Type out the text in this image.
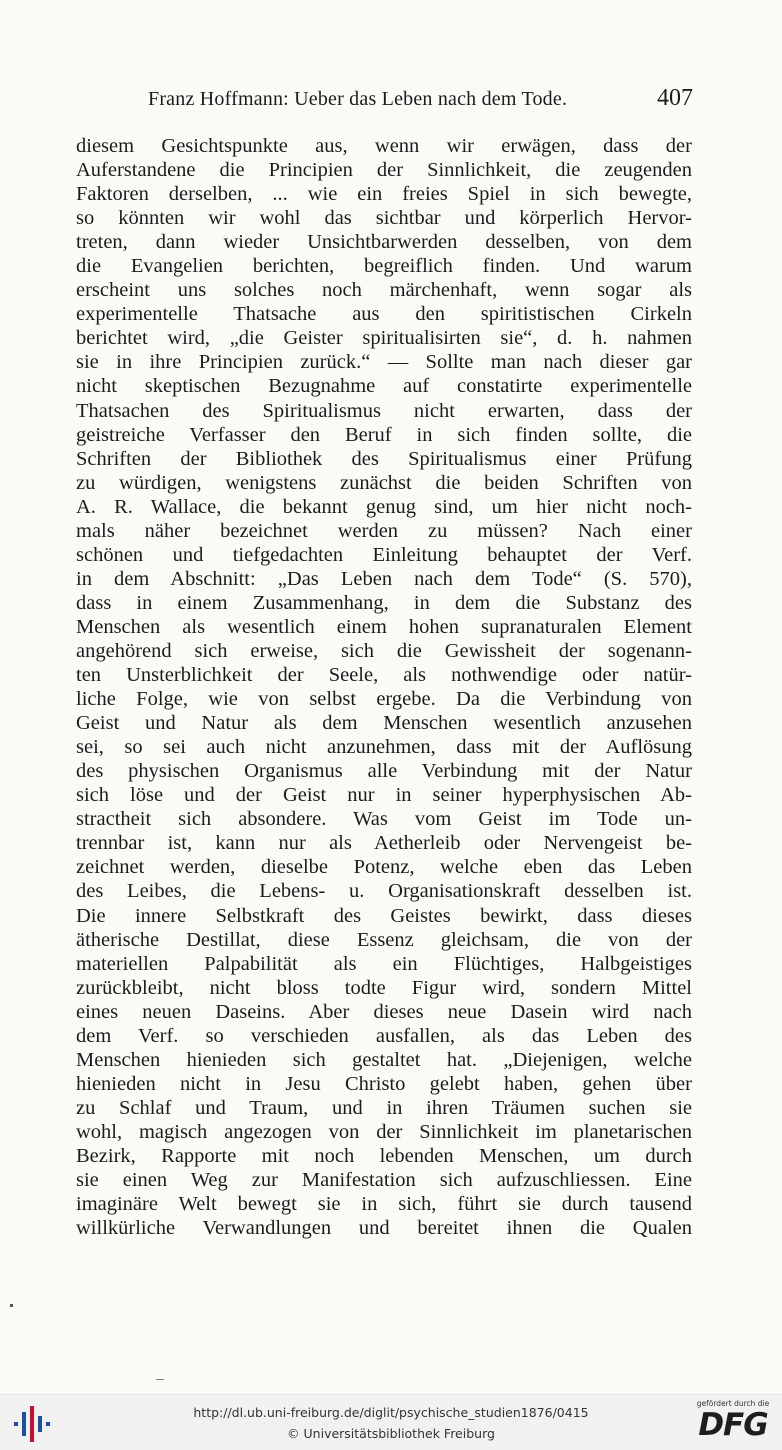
Franz Hoffmann: Ueber das Leben nach dem Tode.	407
diesem Gesichtspunkte aus, wenn wir erwägen, dass der
Auferstandene die Principien der Sinnlichkeit, die zeugenden
Faktoren derselben, ... wie ein freies Spiel in sich bewegte,
so könnten wir wohl das sichtbar und körperlich Hervor-
treten, dann wieder Unsichtbarwerden desselben, von dem
die Evangelien berichten, begreiflich finden. Und warum
erscheint uns solches noch märchenhaft, wenn sogar als
experimentelle Thatsache aus den spiritistischen Cirkeln
berichtet wird, „die Geister spiritualisirten sie“, d. h. nahmen
sie in ihre Principien zurück.“ — Sollte man nach dieser gar
nicht skeptischen Bezugnahme auf constatirte experimentelle
Thatsachen des Spiritualismus nicht erwarten, dass der
geistreiche Verfasser den Beruf in sich finden sollte, die
Schriften der Bibliothek des Spiritualismus einer Prüfung
zu würdigen, wenigstens zunächst die beiden Schriften von
A. R. Wallace, die bekannt genug sind, um hier nicht noch-
mals näher bezeichnet werden zu müssen? Nach einer
schönen und tiefgedachten Einleitung behauptet der Verf.
in dem Abschnitt: „Das Leben nach dem Tode“ (S. 570),
dass in einem Zusammenhang, in dem die Substanz des
Menschen als wesentlich einem hohen supranaturalen Element
angehörend sich erweise, sich die Gewissheit der sogenann-
ten Unsterblichkeit der Seele, als nothwendige oder natür-
liche Folge, wie von selbst ergebe. Da die Verbindung von
Geist und Natur als dem Menschen wesentlich anzusehen
sei, so sei auch nicht anzunehmen, dass mit der Auflösung
des physischen Organismus alle Verbindung mit der Natur
sich löse und der Geist nur in seiner hyperphysischen Ab-
stractheit sich absondere. Was vom Geist im Tode un-
trennbar ist, kann nur als Aetherleib oder Nervengeist be-
zeichnet werden, dieselbe Potenz, welche eben das Leben
des Leibes, die Lebens- u. Organisationskraft desselben ist.
Die innere Selbstkraft des Geistes bewirkt, dass dieses
ätherische Destillat, diese Essenz gleichsam, die von der
materiellen Palpabilität als ein Flüchtiges, Halbgeistiges
zurückbleibt, nicht bloss todte Figur wird, sondern Mittel
eines neuen Daseins. Aber dieses neue Dasein wird nach
dem Verf. so verschieden ausfallen, als das Leben des
Menschen hienieden sich gestaltet hat. „Diejenigen, welche
hienieden nicht in Jesu Christo gelebt haben, gehen über
zu Schlaf und Traum, und in ihren Träumen suchen sie
wohl, magisch angezogen von der Sinnlichkeit im planetarischen
Bezirk, Rapporte mit noch lebenden Menschen, um durch
sie einen Weg zur Manifestation sich aufzuschliessen. Eine
imaginäre Welt bewegt sie in sich, führt sie durch tausend
willkürliche Verwandlungen und bereitet ihnen die Qualen
http://dl.ub.uni-freiburg.de/diglit/psychische_studien1876/0415
© Universitätsbibliothek Freiburg
gefördert durch die
DFG
